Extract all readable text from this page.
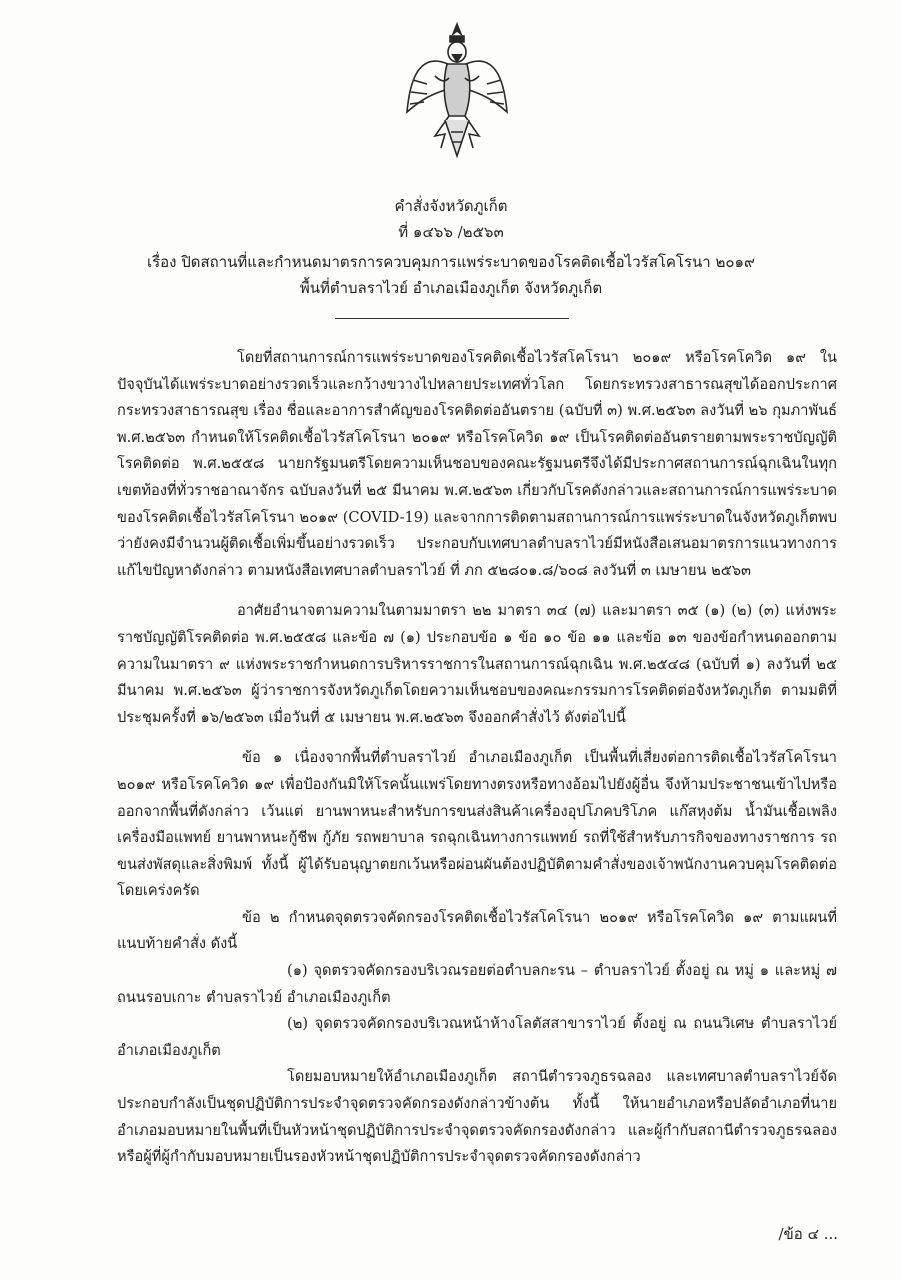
คำสั่งจังหวัดภูเก็ต
ที่ ๑๔๖๖ /๒๕๖๓
เรื่อง ปิดสถานที่และกำหนดมาตรการควบคุมการแพร่ระบาดของโรคติดเชื้อไวรัสโคโรนา ๒๐๑๙
พื้นที่ตำบลราไวย์ อำเภอเมืองภูเก็ต จังหวัดภูเก็ต

โดยที่สถานการณ์การแพร่ระบาดของโรคติดเชื้อไวรัสโคโรนา ๒๐๑๙ หรือโรคโควิด ๑๙ ในปัจจุบันได้แพร่ระบาดอย่างรวดเร็วและกว้างขวางไปหลายประเทศทั่วโลก โดยกระทรวงสาธารณสุขได้ออกประกาศกระทรวงสาธารณสุข เรื่อง ชื่อและอาการสำคัญของโรคติดต่ออันตราย (ฉบับที่ ๓) พ.ศ.๒๕๖๓ ลงวันที่ ๒๖ กุมภาพันธ์ พ.ศ.๒๕๖๓ กำหนดให้โรคติดเชื้อไวรัสโคโรนา ๒๐๑๙ หรือโรคโควิด ๑๙ เป็นโรคติดต่ออันตรายตามพระราชบัญญัติโรคติดต่อ พ.ศ.๒๕๕๘ นายกรัฐมนตรีโดยความเห็นชอบของคณะรัฐมนตรีจึงได้มีประกาศสถานการณ์ฉุกเฉินในทุกเขตท้องที่ทั่วราชอาณาจักร ฉบับลงวันที่ ๒๕ มีนาคม พ.ศ.๒๕๖๓ เกี่ยวกับโรคดังกล่าวและสถานการณ์การแพร่ระบาดของโรคติดเชื้อไวรัสโคโรนา ๒๐๑๙ (COVID-19) และจากการติดตามสถานการณ์การแพร่ระบาดในจังหวัดภูเก็ตพบว่ายังคงมีจำนวนผู้ติดเชื้อเพิ่มขึ้นอย่างรวดเร็ว ประกอบกับเทศบาลตำบลราไวย์มีหนังสือเสนอมาตรการแนวทางการแก้ไขปัญหาดังกล่าว ตามหนังสือเทศบาลตำบลราไวย์ ที่ ภก ๕๒๘๐๑.๘/๖๐๘ ลงวันที่ ๓ เมษายน ๒๕๖๓

อาศัยอำนาจตามความในตามมาตรา ๒๒ มาตรา ๓๔ (๗) และมาตรา ๓๕ (๑) (๒) (๓) แห่งพระราชบัญญัติโรคติดต่อ พ.ศ.๒๕๕๘ และข้อ ๗ (๑) ประกอบข้อ ๑ ข้อ ๑๐ ข้อ ๑๑ และข้อ ๑๓ ของข้อกำหนดออกตามความในมาตรา ๙ แห่งพระราชกำหนดการบริหารราชการในสถานการณ์ฉุกเฉิน พ.ศ.๒๕๔๘ (ฉบับที่ ๑) ลงวันที่ ๒๕ มีนาคม พ.ศ.๒๕๖๓ ผู้ว่าราชการจังหวัดภูเก็ตโดยความเห็นชอบของคณะกรรมการโรคติดต่อจังหวัดภูเก็ต ตามมติที่ประชุมครั้งที่ ๑๖/๒๕๖๓ เมื่อวันที่ ๕ เมษายน พ.ศ.๒๕๖๓ จึงออกคำสั่งไว้ ดังต่อไปนี้

ข้อ ๑ เนื่องจากพื้นที่ตำบลราไวย์ อำเภอเมืองภูเก็ต เป็นพื้นที่เสี่ยงต่อการติดเชื้อไวรัสโคโรนา ๒๐๑๙ หรือโรคโควิด ๑๙ เพื่อป้องกันมิให้โรคนั้นแพร่โดยทางตรงหรือทางอ้อมไปยังผู้อื่น จึงห้ามประชาชนเข้าไปหรือออกจากพื้นที่ดังกล่าว เว้นแต่ ยานพาหนะสำหรับการขนส่งสินค้าเครื่องอุปโภคบริโภค แก๊สหุงต้ม น้ำมันเชื้อเพลิง เครื่องมือแพทย์ ยานพาหนะกู้ชีพ กู้ภัย รถพยาบาล รถฉุกเฉินทางการแพทย์ รถที่ใช้สำหรับภารกิจของทางราชการ รถขนส่งพัสดุและสิ่งพิมพ์ ทั้งนี้ ผู้ได้รับอนุญาตยกเว้นหรือผ่อนผันต้องปฏิบัติตามคำสั่งของเจ้าพนักงานควบคุมโรคติดต่อโดยเคร่งครัด

ข้อ ๒ กำหนดจุดตรวจคัดกรองโรคติดเชื้อไวรัสโคโรนา ๒๐๑๙ หรือโรคโควิด ๑๙ ตามแผนที่แนบท้ายคำสั่ง ดังนี้

(๑) จุดตรวจคัดกรองบริเวณรอยต่อตำบลกะรน – ตำบลราไวย์ ตั้งอยู่ ณ หมู่ ๑ และหมู่ ๗ ถนนรอบเกาะ ตำบลราไวย์ อำเภอเมืองภูเก็ต

(๒) จุดตรวจคัดกรองบริเวณหน้าห้างโลตัสสาขาราไวย์ ตั้งอยู่ ณ ถนนวิเศษ ตำบลราไวย์ อำเภอเมืองภูเก็ต

โดยมอบหมายให้อำเภอเมืองภูเก็ต สถานีตำรวจภูธรฉลอง และเทศบาลตำบลราไวย์จัดประกอบกำลังเป็นชุดปฏิบัติการประจำจุดตรวจคัดกรองดังกล่าวข้างต้น ทั้งนี้ ให้นายอำเภอหรือปลัดอำเภอที่นายอำเภอมอบหมายในพื้นที่เป็นหัวหน้าชุดปฏิบัติการประจำจุดตรวจคัดกรองดังกล่าว และผู้กำกับสถานีตำรวจภูธรฉลองหรือผู้ที่ผู้กำกับมอบหมายเป็นรองหัวหน้าชุดปฏิบัติการประจำจุดตรวจคัดกรองดังกล่าว

/ข้อ ๔ ...
